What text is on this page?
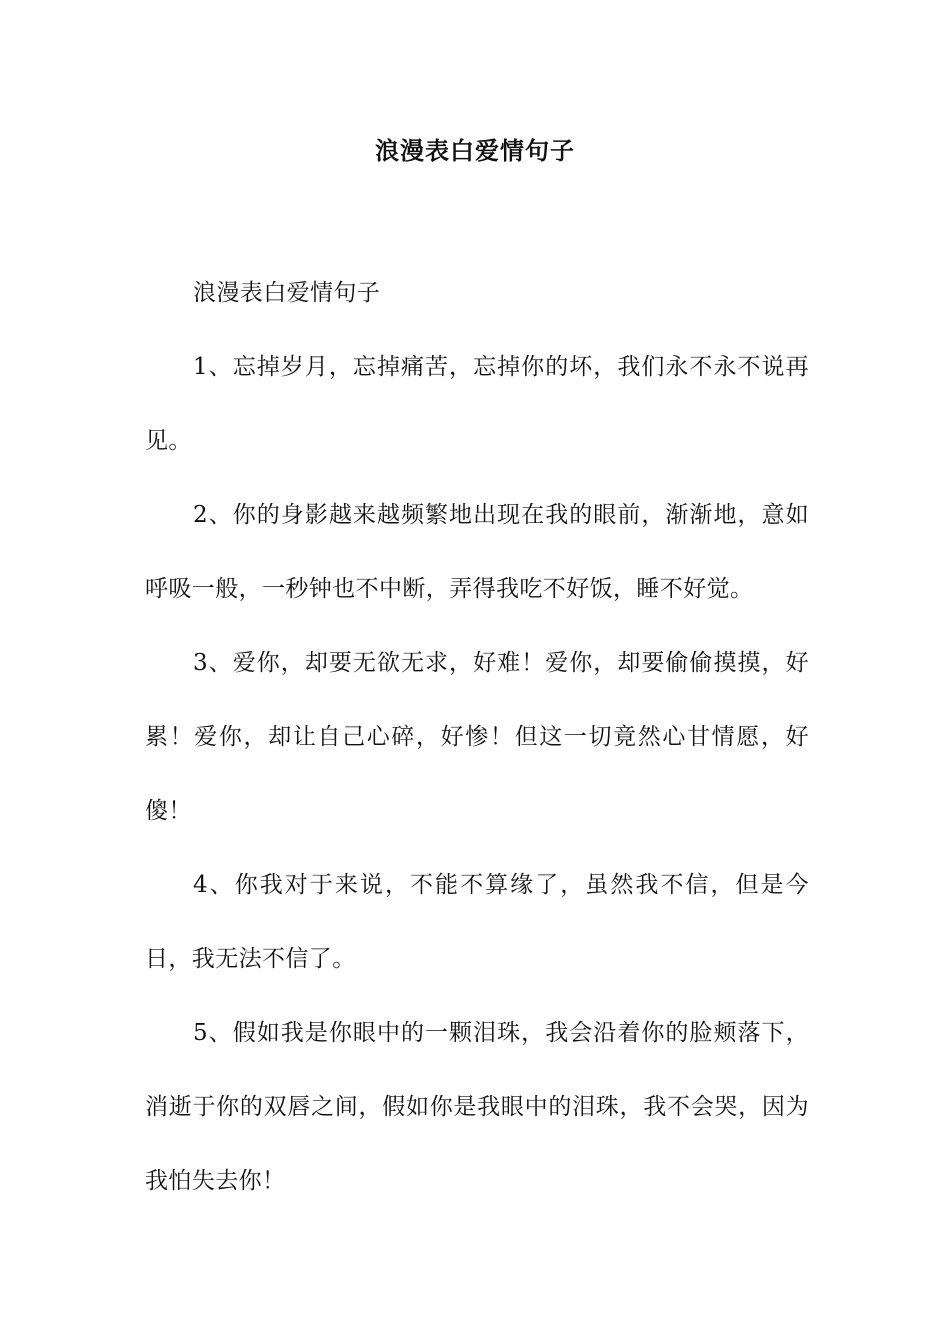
浪漫表白爱情句子

浪漫表白爱情句子

1、忘掉岁月，忘掉痛苦，忘掉你的坏，我们永不永不说再见。

2、你的身影越来越频繁地出现在我的眼前，渐渐地，意如呼吸一般，一秒钟也不中断，弄得我吃不好饭，睡不好觉。

3、爱你，却要无欲无求，好难！爱你，却要偷偷摸摸，好累！爱你，却让自己心碎，好惨！但这一切竟然心甘情愿，好傻！

4、你我对于来说，不能不算缘了，虽然我不信，但是今日，我无法不信了。

5、假如我是你眼中的一颗泪珠，我会沿着你的脸颊落下，消逝于你的双唇之间，假如你是我眼中的泪珠，我不会哭，因为我怕失去你！
